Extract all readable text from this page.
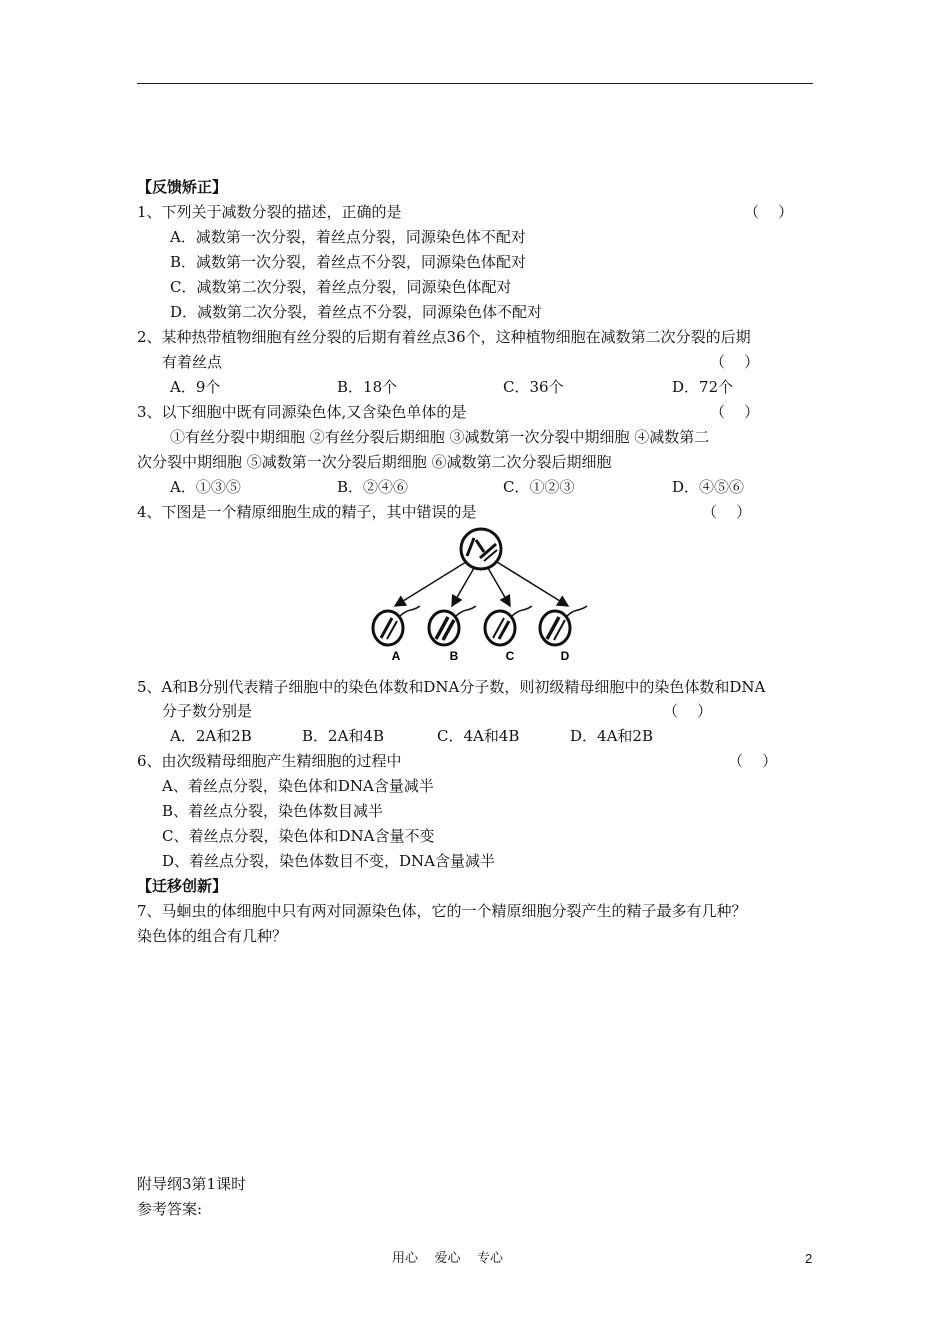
【反馈矫正】
1、下列关于减数分裂的描述，正确的是	（    ）
A．减数第一次分裂，着丝点分裂，同源染色体不配对
B．减数第一次分裂，着丝点不分裂，同源染色体配对
C．减数第二次分裂，着丝点分裂，同源染色体配对
D．减数第二次分裂，着丝点不分裂，同源染色体不配对
2、某种热带植物细胞有丝分裂的后期有着丝点36个，这种植物细胞在减数第二次分裂的后期
有着丝点	（    ）
A．9个	B．18个	C．36个	D．72个
3、以下细胞中既有同源染色体,又含染色单体的是	（    ）
①有丝分裂中期细胞 ②有丝分裂后期细胞 ③减数第一次分裂中期细胞 ④减数第二
次分裂中期细胞 ⑤减数第一次分裂后期细胞 ⑥减数第二次分裂后期细胞
A．①③⑤	B．②④⑥	C．①②③	D．④⑤⑥
4、下图是一个精原细胞生成的精子，其中错误的是	（    ）
A	B	C	D
5、A和B分别代表精子细胞中的染色体数和DNA分子数，则初级精母细胞中的染色体数和DNA
分子数分别是	（    ）
A．2A和2B	B．2A和4B	C．4A和4B	D．4A和2B
6、由次级精母细胞产生精细胞的过程中	（    ）
A、着丝点分裂，染色体和DNA含量减半
B、着丝点分裂，染色体数目减半
C、着丝点分裂，染色体和DNA含量不变
D、着丝点分裂，染色体数目不变，DNA含量减半
【迁移创新】
7、马蛔虫的体细胞中只有两对同源染色体，它的一个精原细胞分裂产生的精子最多有几种？
染色体的组合有几种？
附导纲3第1课时
参考答案:
用心    爱心    专心	2
